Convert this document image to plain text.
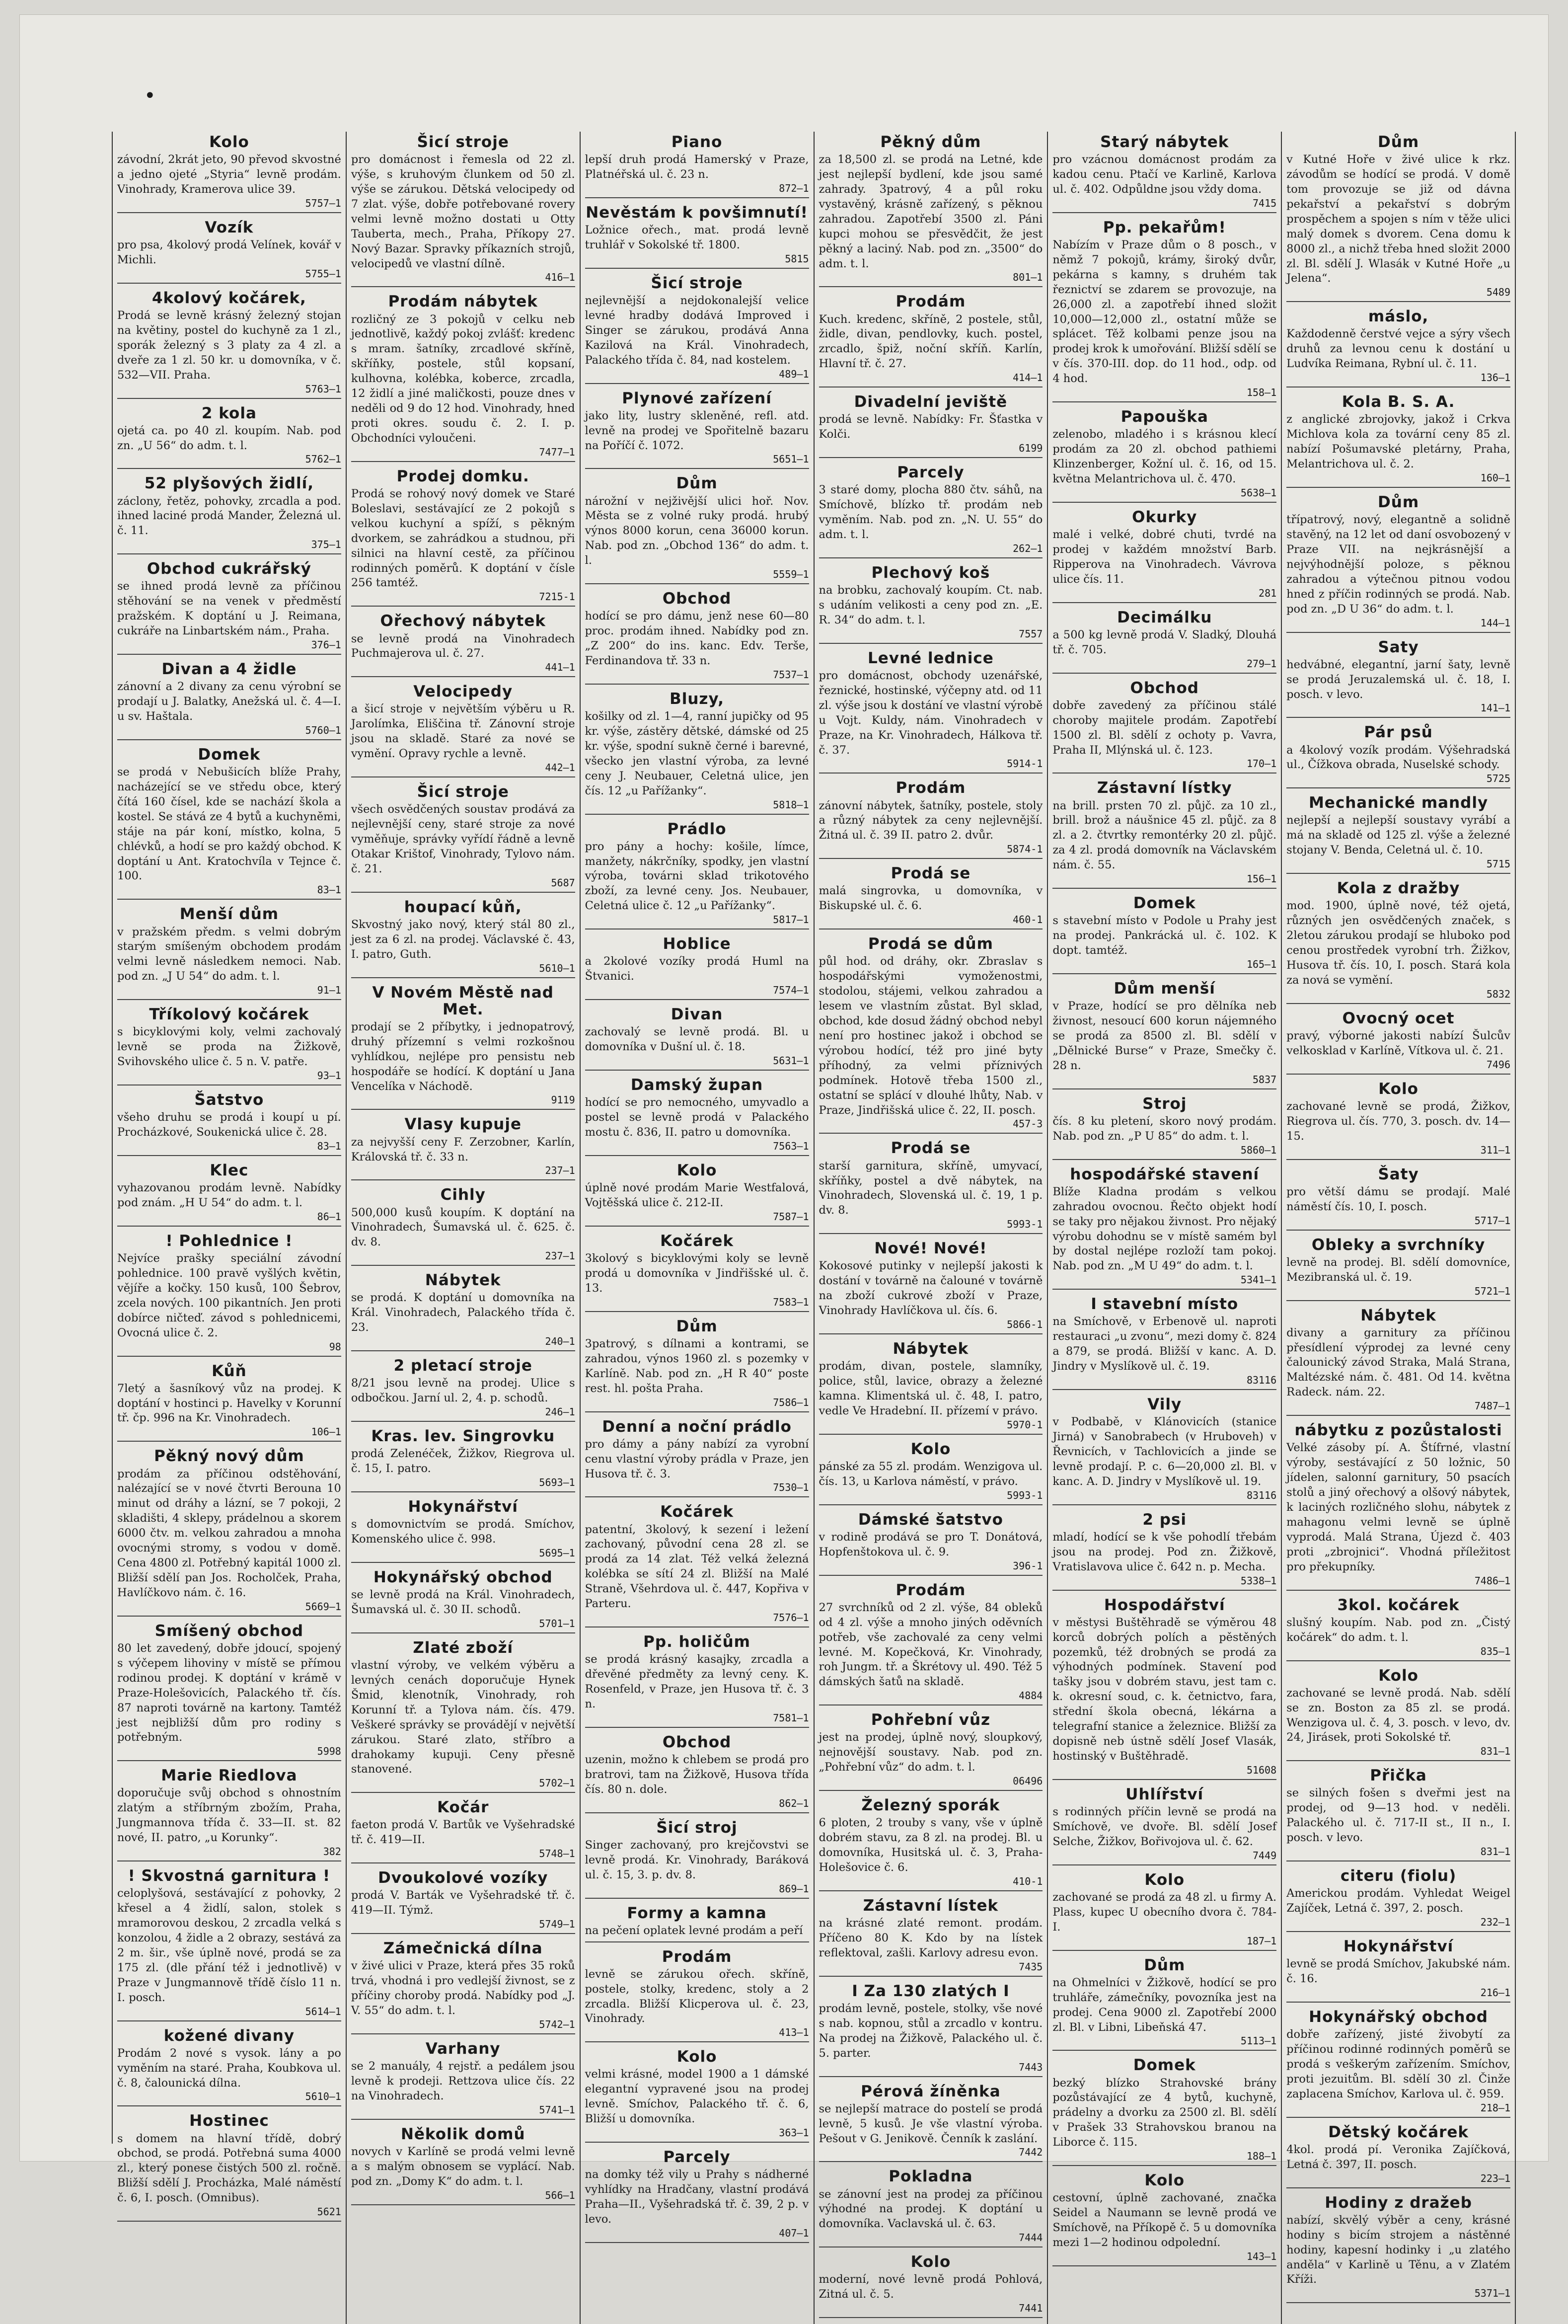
•
Kolo

závodní, 2krát jeto, 90 převod skvostné a jedno ojeté „Styria“ levně prodám. Vinohrady, Kramerova ulice 39.

5757—1
Vozík

pro psa, 4kolový prodá Velínek, kovář v Michli.

5755—1
4kolový kočárek,

Prodá se levně krásný železný stojan na květiny, postel do kuchyně za 1 zl., sporák železný s 3 platy za 4 zl. a dveře za 1 zl. 50 kr. u domovníka, v č. 532—VII. Praha.

5763—1
2 kola

ojetá ca. po 40 zl. koupím. Nab. pod zn. „U 56“ do adm. t. l.

5762—1
52 plyšových židlí,

záclony, řetěz, pohovky, zrcadla a pod. ihned laciné prodá Mander, Železná ul. č. 11.

375—1
Obchod cukrářský

se ihned prodá levně za příčinou stěhování se na venek v předměstí pražském. K doptání u J. Reimana, cukráře na Linbartském nám., Praha.

376—1
Divan a 4 židle

zánovní a 2 divany za cenu výrobní se prodají u J. Balatky, Anežská ul. č. 4—I. u sv. Haštala.

5760—1
Domek

se prodá v Nebušicích blíže Prahy, nacházející se ve středu obce, který čítá 160 čísel, kde se nachází škola a kostel. Se stává ze 4 bytů a kuchyněmi, stáje na pár koní, místko, kolna, 5 chlévků, a hodí se pro každý obchod. K doptání u Ant. Kratochvíla v Tejnce č. 100.

83—1
Menší dům

v pražském předm. s velmi dobrým starým smíšeným obchodem prodám velmi levně následkem nemoci. Nab. pod zn. „J U 54“ do adm. t. l.

91—1
Tříkolový kočárek

s bicyklovými koly, velmi zachovalý levně se proda na Žižkově, Svihovského ulice č. 5 n. V. patře.

93—1
Šatstvo

všeho druhu se prodá i koupí u pí. Procházkové, Soukenická ulice č. 28.

83—1
Klec

vyhazovanou prodám levně. Nabídky pod znám. „H U 54“ do adm. t. l.

86—1
! Pohlednice !

Nejvíce prašky speciální závodní pohlednice. 100 pravě vyšlých květin, vějíře a kočky. 150 kusů, 100 Šebrov, zcela nových. 100 pikantních. Jen proti dobírce ničteď. závod s pohlednicemi, Ovocná ulice č. 2.

98
Kůň

7letý a šasníkový vůz na prodej. K doptání v hostinci p. Havelky v Korunní tř. čp. 996 na Kr. Vinohradech.

106—1
Pěkný nový dům

prodám za příčinou odstěhování, nalézající se v nové čtvrti Berouna 10 minut od dráhy a lázní, se 7 pokoji, 2 skladišti, 4 sklepy, prádelnou a skorem 6000 čtv. m. velkou zahradou a mnoha ovocnými stromy, s vodou v domě. Cena 4800 zl. Potřebný kapitál 1000 zl. Bližší sdělí pan Jos. Rocholček, Praha, Havlíčkovo nám. č. 16.

5669—1
Smíšený obchod

80 let zavedený, dobře jdoucí, spojený s výčepem lihoviny v místě se přímou rodinou prodej. K doptání v krámě v Praze-Holešovicích, Palackého tř. čís. 87 naproti továrně na kartony. Tamtéž jest nejbližší dům pro rodiny s potřebným.

5998
Marie Riedlova

doporučuje svůj obchod s ohnostním zlatým a stříbrným zbožím, Praha, Jungmannova třída č. 33—II. st. 82 nové, II. patro, „u Korunky“.

382
! Skvostná garnitura !

celoplyšová, sestávající z pohovky, 2 křesel a 4 židlí, salon, stolek s mramorovou deskou, 2 zrcadla velká s konzolou, 4 židle a 2 obrazy, sestává za 2 m. šir., vše úplně nové, prodá se za 175 zl. (dle přání též i jednotlivě) v Praze v Jungmannově třídě číslo 11 n. I. posch.

5614—1
kožené divany

Prodám 2 nové s vysok. lány a po vyměním na staré. Praha, Koubkova ul. č. 8, čalounická dílna.

5610—1
Hostinec

s domem na hlavní třídě, dobrý obchod, se prodá. Potřebná suma 4000 zl., který ponese čistých 500 zl. ročně. Bližší sdělí J. Procházka, Malé náměstí č. 6, I. posch. (Omnibus).

5621
Šicí stroje

pro domácnost i řemesla od 22 zl. výše, s kruhovým člunkem od 50 zl. výše se zárukou. Dětská velocipedy od 7 zlat. výše, dobře potřebované rovery velmi levně možno dostati u Otty Tauberta, mech., Praha, Příkopy 27. Nový Bazar. Spravky příkazních strojů, velocipedů ve vlastní dílně.

416—1
Prodám nábytek

rozličný ze 3 pokojů v celku neb jednotlivě, každý pokoj zvlášť: kredenc s mram. šatníky, zrcadlové skříně, skříňky, postele, stůl kopsaní, kulhovna, kolébka, koberce, zrcadla, 12 židlí a jiné maličkosti, pouze dnes v neděli od 9 do 12 hod. Vinohrady, hned proti okres. soudu č. 2. I. p. Obchodníci vyloučeni.

7477—1
Prodej domku.

Prodá se rohový nový domek ve Staré Boleslavi, sestávající ze 2 pokojů s velkou kuchyní a spíží, s pěkným dvorkem, se zahrádkou a studnou, při silnici na hlavní cestě, za příčinou rodinných poměrů. K doptání v čísle 256 tamtéž.

7215-1
Ořechový nábytek

se levně prodá na Vinohradech Puchmajerova ul. č. 27.

441—1
Velocipedy

a šicí stroje v největším výběru u R. Jarolímka, Eliščina tř. Zánovní stroje jsou na skladě. Staré za nové se vymění. Opravy rychle a levně.

442—1
Šicí stroje

všech osvědčených soustav prodává za nejlevnější ceny, staré stroje za nové vyměňuje, správky vyřídí řádně a levně Otakar Krištof, Vinohrady, Tylovo nám. č. 21.

5687
houpací kůň,

Skvostný jako nový, který stál 80 zl., jest za 6 zl. na prodej. Václavské č. 43, I. patro, Guth.

5610—1
V Novém Městě nad Met.

prodají se 2 příbytky, i jednopatrový, druhý přízemní s velmi rozkošnou vyhlídkou, nejlépe pro pensistu neb hospodáře se hodící. K doptání u Jana Vencelíka v Náchodě.

9119
Vlasy kupuje

za nejvyšší ceny F. Zerzobner, Karlín, Královská tř. č. 33 n.

237—1
Cihly

500,000 kusů koupím. K doptání na Vinohradech, Šumavská ul. č. 625. č. dv. 8.

237—1
Nábytek

se prodá. K doptání u domovníka na Král. Vinohradech, Palackého třída č. 23.

240—1
2 pletací stroje

8/21 jsou levně na prodej. Ulice s odbočkou. Jarní ul. 2, 4. p. schodů.

246—1
Kras. lev. Singrovku

prodá Zelenéček, Žižkov, Riegrova ul. č. 15, I. patro.

5693—1
Hokynářství

s domovnictvím se prodá. Smíchov, Komenského ulice č. 998.

5695—1
Hokynářský obchod

se levně prodá na Král. Vinohradech, Šumavská ul. č. 30 II. schodů.

5701—1
Zlaté zboží

vlastní výroby, ve velkém výběru a levných cenách doporučuje Hynek Šmid, klenotník, Vinohrady, roh Korunní tř. a Tylova nám. čís. 479. Veškeré správky se provádějí v největší zárukou. Staré zlato, stříbro a drahokamy kupuji. Ceny přesně stanovené.

5702—1
Kočár

faeton prodá V. Bartůk ve Vyšehradské tř. č. 419—II.

5748—1
Dvoukolové vozíky

prodá V. Barták ve Vyšehradské tř. č. 419—II. Týmž.

5749—1
Zámečnická dílna

v živé ulici v Praze, která přes 35 roků trvá, vhodná i pro vedlejší živnost, se z příčiny choroby prodá. Nabídky pod „J. V. 55“ do adm. t. l.

5742—1
Varhany

se 2 manuály, 4 rejstř. a pedálem jsou levně k prodeji. Rettzova ulice čís. 22 na Vinohradech.

5741—1
Několik domů

novych v Karlíně se prodá velmi levně a s malým obnosem se vyplácí. Nab. pod zn. „Domy K“ do adm. t. l.

566—1
Piano

lepší druh prodá Hamerský v Praze, Platnéřská ul. č. 23 n.

872—1
Nevěstám k povšimnutí!

Ložnice ořech., mat. prodá levně truhlář v Sokolské tř. 1800.

5815
Šicí stroje

nejlevnější a nejdokonalejší velice levné hradby dodává Improved i Singer se zárukou, prodává Anna Kazilová na Král. Vinohradech, Palackého třída č. 84, nad kostelem.

489—1
Plynové zařízení

jako lity, lustry skleněné, refl. atd. levně na prodej ve Spořitelně bazaru na Poříčí č. 1072.

5651—1
Dům

nárožní v nejživější ulici hoř. Nov. Města se z volné ruky prodá. hrubý výnos 8000 korun, cena 36000 korun. Nab. pod zn. „Obchod 136“ do adm. t. l.

5559—1
Obchod

hodící se pro dámu, jenž nese 60—80 proc. prodám ihned. Nabídky pod zn. „Z 200“ do ins. kanc. Edv. Terše, Ferdinandova tř. 33 n.

7537—1
Bluzy,

košilky od zl. 1—4, ranní jupičky od 95 kr. výše, zástěry dětské, dámské od 25 kr. výše, spodní sukně černé i barevné, všecko jen vlastní výroba, za levné ceny J. Neubauer, Celetná ulice, jen čís. 12 „u Pařížanky“.

5818—1
Prádlo

pro pány a hochy: košile, límce, manžety, nákrčníky, spodky, jen vlastní výroba, továrni sklad trikotového zboží, za levné ceny. Jos. Neubauer, Celetná ulice č. 12 „u Pařížanky“.

5817—1
Hoblice

a 2kolové vozíky prodá Huml na Štvanici.

7574—1
Divan

zachovalý se levně prodá. Bl. u domovníka v Dušní ul. č. 18.

5631—1
Damský župan

hodící se pro nemocného, umyvadlo a postel se levně prodá v Palackého mostu č. 836, II. patro u domovníka.

7563—1
Kolo

úplně nové prodám Marie Westfalová, Vojtěšská ulice č. 212-II.

7587—1
Kočárek

3kolový s bicyklovými koly se levně prodá u domovníka v Jindřišské ul. č. 13.

7583—1
Dům

3patrový, s dílnami a kontrami, se zahradou, výnos 1960 zl. s pozemky v Karlíně. Nab. pod zn. „H R 40“ poste rest. hl. pošta Praha.

7586—1
Denní a noční prádlo

pro dámy a pány nabízí za vyrobní cenu vlastní výroby prádla v Praze, jen Husova tř. č. 3.

7530—1
Kočárek

patentní, 3kolový, k sezení i ležení zachovaný, původní cena 28 zl. se prodá za 14 zlat. Též velká železná kolébka se sítí 24 zl. Bližší na Malé Straně, Všehrdova ul. č. 447, Kopřiva v Parteru.

7576—1
Pp. holičům

se prodá krásný kasajky, zrcadla a dřevěné předměty za levný ceny. K. Rosenfeld, v Praze, jen Husova tř. č. 3 n.

7581—1
Obchod

uzenin, možno k chlebem se prodá pro bratrovi, tam na Žižkově, Husova třída čís. 80 n. dole.

862—1
Šicí stroj

Singer zachovaný, pro krejčovstvi se levně prodá. Kr. Vinohrady, Baráková ul. č. 15, 3. p. dv. 8.

869—1
Formy a kamna

na pečení oplatek levné prodám a peří

Prodám

levně se zárukou ořech. skříně, postele, stolky, kredenc, stoly a 2 zrcadla. Bližší Klicperova ul. č. 23, Vinohrady.

413—1
Kolo

velmi krásné, model 1900 a 1 dámské elegantní vypravené jsou na prodej levně. Smíchov, Palackého tř. č. 6, Bližší u domovníka.

363—1
Parcely

na domky též vily u Prahy s nádherné vyhlídky na Hradčany, vlastní prodává Praha—II., Vyšehradská tř. č. 39, 2 p. v levo.

407—1
Pěkný dům

za 18,500 zl. se prodá na Letné, kde jest nejlepší bydlení, kde jsou samé zahrady. 3patrový, 4 a půl roku vystavěný, krásně zařízený, s pěknou zahradou. Zapotřebí 3500 zl. Páni kupci mohou se přesvědčit, že jest pěkný a laciný. Nab. pod zn. „3500“ do adm. t. l.

801—1
Prodám

Kuch. kredenc, skříně, 2 postele, stůl, židle, divan, pendlovky, kuch. postel, zrcadlo, špiž, noční skříň. Karlín, Hlavní tř. č. 27.

414—1
Divadelní jeviště

prodá se levně. Nabídky: Fr. Šťastka v Kolči.

6199
Parcely

3 staré domy, plocha 880 čtv. sáhů, na Smíchově, blízko tř. prodám neb vyměním. Nab. pod zn. „N. U. 55“ do adm. t. l.

262—1
Plechový koš

na brobku, zachovalý koupím. Ct. nab. s udáním velikosti a ceny pod zn. „E. R. 34“ do adm. t. l.

7557
Levné lednice

pro domácnost, obchody uzenářské, řeznické, hostinské, výčepny atd. od 11 zl. výše jsou k dostání ve vlastní výrobě u Vojt. Kuldy, nám. Vinohradech v Praze, na Kr. Vinohradech, Hálkova tř. č. 37.

5914-1
Prodám

zánovní nábytek, šatníky, postele, stoly a různý nábytek za ceny nejlevnější. Žitná ul. č. 39 II. patro 2. dvůr.

5874-1
Prodá se

malá singrovka, u domovníka, v Biskupské ul. č. 6.

460-1
Prodá se dům

půl hod. od dráhy, okr. Zbraslav s hospodářskými vymoženostmi, stodolou, stájemi, velkou zahradou a lesem ve vlastním zůstat. Byl sklad, obchod, kde dosud žádný obchod nebyl není pro hostinec jakož i obchod se výrobou hodící, též pro jiné byty příhodný, za velmi příznivých podmínek. Hotově třeba 1500 zl., ostatní se splácí v dlouhé lhůty, Nab. v Praze, Jindřišská ulice č. 22, II. posch.

457-3
Prodá se

starší garnitura, skříně, umyvací, skříňky, postel a dvě nábytek, na Vinohradech, Slovenská ul. č. 19, 1 p. dv. 8.

5993-1
Nové! Nové!

Kokosové putinky v nejlepší jakosti k dostání v továrně na čalouné v továrně na zboží cukrové zboží v Praze, Vinohrady Havlíčkova ul. čís. 6.

5866-1
Nábytek

prodám, divan, postele, slamníky, police, stůl, lavice, obrazy a železné kamna. Klimentská ul. č. 48, I. patro, vedle Ve Hradební. II. přízemí v právo.

5970-1
Kolo

pánské za 55 zl. prodám. Wenzigova ul. čís. 13, u Karlova náměstí, v právo.

5993-1
Dámské šatstvo

v rodině prodává se pro T. Donátová, Hopfenštokova ul. č. 9.

396-1
Prodám

27 svrchníků od 2 zl. výše, 84 obleků od 4 zl. výše a mnoho jiných oděvních potřeb, vše zachovalé za ceny velmi levné. M. Kopečková, Kr. Vinohrady, roh Jungm. tř. a Škrétovy ul. 490. Též 5 dámských šatů na skladě.

4884
Pohřební vůz

jest na prodej, úplně nový, sloupkový, nejnovější soustavy. Nab. pod zn. „Pohřební vůz“ do adm. t. l.

06496
Železný sporák

6 ploten, 2 trouby s vany, vše v úplně dobrém stavu, za 8 zl. na prodej. Bl. u domovníka, Husitská ul. č. 3, Praha-Holešovice č. 6.

410-1
Zástavní lístek

na krásné zlaté remont. prodám. Příčeno 80 K. Kdo by na lístek reflektoval, zašli. Karlovy adresu evon.

7435
I Za 130 zlatých I

prodám levně, postele, stolky, vše nové s nab. kopnou, stůl a zrcadlo v kontru. Na prodej na Žižkově, Palackého ul. č. 5. parter.

7443
Pérová žíněnka

se nejlepší matrace do postelí se prodá levně, 5 kusů. Je vše vlastní výroba. Pešout v G. Jenikově. Čenník k zaslání.

7442
Pokladna

se zánovní jest na prodej za příčinou výhodné na prodej. K doptání u domovníka. Vaclavská ul. č. 63.

7444
Kolo

moderní, nové levně prodá Pohlová, Zitná ul. č. 5.

7441
Starý nábytek

pro vzácnou domácnost prodám za kadou cenu. Ptačí ve Karlině, Karlova ul. č. 402. Odpůldne jsou vždy doma.

7415
Pp. pekařům!

Nabízím v Praze dům o 8 posch., v němž 7 pokojů, krámy, široký dvůr, pekárna s kamny, s druhém tak řeznictví se zdarem se provozuje, na 26,000 zl. a zapotřebí ihned složit 10,000—12,000 zl., ostatní může se splácet. Těž kolbami penze jsou na prodej krok k umořování. Bližší sdělí se v čís. 370-III. dop. do 11 hod., odp. od 4 hod.

158—1
Papouška

zelenobo, mladého i s krásnou klecí prodám za 20 zl. obchod pathiemi Klinzenberger, Kožní ul. č. 16, od 15. května Melantrichova ul. č. 470.

5638—1
Okurky

malé i velké, dobré chuti, tvrdé na prodej v každém množství Barb. Ripperova na Vinohradech. Vávrova ulice čís. 11.

281
Decimálku

a 500 kg levně prodá V. Sladký, Dlouhá tř. č. 705.

279—1
Obchod

dobře zavedený za příčinou stálé choroby majitele prodám. Zapotřebí 1500 zl. Bl. sdělí z ochoty p. Vavra, Praha II, Mlýnská ul. č. 123.

170—1
Zástavní lístky

na brill. prsten 70 zl. půjč. za 10 zl., brill. brož a náušnice 45 zl. půjč. za 8 zl. a 2. čtvrtky remontérky 20 zl. půjč. za 4 zl. prodá domovník na Václavském nám. č. 55.

156—1
Domek

s stavební místo v Podole u Prahy jest na prodej. Pankrácká ul. č. 102. K dopt. tamtéž.

165—1
Dům menší

v Praze, hodící se pro dělníka neb živnost, nesoucí 600 korun nájemného se prodá za 8500 zl. Bl. sdělí v „Dělnické Burse“ v Praze, Smečky č. 28 n.

5837
Stroj

čís. 8 ku pletení, skoro nový prodám. Nab. pod zn. „P U 85“ do adm. t. l.

5860—1
hospodářské stavení

Blíže Kladna prodám s velkou zahradou ovocnou. Řečto objekt hodí se taky pro nějakou živnost. Pro nějaký výrobu dohodnu se v místě samém byl by dostal nejlépe rozloží tam pokoj. Nab. pod zn. „M U 49“ do adm. t. l.

5341—1
I stavební místo

na Smíchově, v Erbenově ul. naproti restauraci „u zvonu“, mezi domy č. 824 a 879, se prodá. Bližší v kanc. A. D. Jindry v Myslíkově ul. č. 19.

83116
Vily

v Podbabě, v Klánovicích (stanice Jirná) v Sanobrabech (v Hruboveh) v Řevnicích, v Tachlovicích a jinde se levně prodají. P. c. 6—20,000 zl. Bl. v kanc. A. D. Jindry v Myslíkově ul. 19.

83116
2 psi

mladí, hodící se k vše pohodlí třebám jsou na prodej. Pod zn. Žižkově, Vratislavova ulice č. 642 n. p. Mecha.

5338—1
Hospodářství

v městysi Buštěhradě se výměrou 48 korců dobrých polích a pěstěných pozemků, též drobných se prodá za výhodných podmínek. Stavení pod tašky jsou v dobrém stavu, jest tam c. k. okresní soud, c. k. četnictvo, fara, střední škola obecná, lékárna a telegrafní stanice a železnice. Bližší za dopisně neb ústně sdělí Josef Vlasák, hostinský v Buštěhradě.

51608
Uhlířství

s rodinných příčin levně se prodá na Smíchově, ve dvoře. Bl. sdělí Josef Selche, Žižkov, Bořivojova ul. č. 62.

7449
Kolo

zachované se prodá za 48 zl. u firmy A. Plass, kupec U obecního dvora č. 784-I.

187—1
Dům

na Ohmelníci v Žižkově, hodící se pro truhláře, zámečníky, povozníka jest na prodej. Cena 9000 zl. Zapotřebí 2000 zl. Bl. v Libni, Libeňská 47.

5113—1
Domek

bezký blízko Strahovské brány pozůstávající ze 4 bytů, kuchyně, prádelny a dvorku za 2500 zl. Bl. sdělí v Prašek 33 Strahovskou branou na Liborce č. 115.

188—1
Kolo

cestovní, úplně zachované, značka Seidel a Naumann se levně prodá ve Smíchově, na Příkopě č. 5 u domovníka mezi 1—2 hodinou odpolední.

143—1
Dům

v Kutné Hoře v živé ulice k rkz. závodům se hodící se prodá. V domě tom provozuje se již od dávna pekařství a pekařství s dobrým prospěchem a spojen s ním v těže ulici malý domek s dvorem. Cena domu k 8000 zl., a nichž třeba hned složit 2000 zl. Bl. sdělí J. Wlasák v Kutné Hoře „u Jelena“.

5489
máslo,

Každodenně čerstvé vejce a sýry všech druhů za levnou cenu k dostání u Ludvíka Reimana, Rybní ul. č. 11.

136—1
Kola B. S. A.

z anglické zbrojovky, jakož i Crkva Michlova kola za tovární ceny 85 zl. nabízí Pošumavské pletárny, Praha, Melantrichova ul. č. 2.

160—1
Dům

třípatrový, nový, elegantně a solidně stavěný, na 12 let od daní osvobozený v Praze VII. na nejkrásnější a nejvýhodnější poloze, s pěknou zahradou a výtečnou pitnou vodou hned z příčin rodinných se prodá. Nab. pod zn. „D U 36“ do adm. t. l.

144—1
Saty

hedvábné, elegantní, jarní šaty, levně se prodá Jeruzalemská ul. č. 18, I. posch. v levo.

141—1
Pár psů

a 4kolový vozík prodám. Výšehradská ul., Čížkova obrada, Nuselské schody.

5725
Mechanické mandly

nejlepší a nejlepší soustavy vyrábí a má na skladě od 125 zl. výše a železné stojany V. Benda, Celetná ul. č. 10.

5715
Kola z dražby

mod. 1900, úplně nové, též ojetá, různých jen osvědčených značek, s 2letou zárukou prodají se hluboko pod cenou prostředek vyrobní trh. Žižkov, Husova tř. čís. 10, I. posch. Stará kola za nová se vymění.

5832
Ovocný ocet

pravý, výborné jakosti nabízí Šulcův velkosklad v Karlíně, Vítkova ul. č. 21.

7496
Kolo

zachované levně se prodá, Žižkov, Riegrova ul. čís. 770, 3. posch. dv. 14—15.

311—1
Šaty

pro větší dámu se prodají. Malé náměstí čís. 10, I. posch.

5717—1
Obleky a svrchníky

levně na prodej. Bl. sdělí domovníce, Mezibranská ul. č. 19.

5721—1
Nábytek

divany a garnitury za příčinou přesídlení výprodej za levné ceny čalounický závod Straka, Malá Strana, Maltézské nám. č. 481. Od 14. května Radeck. nám. 22.

7487—1
nábytku z pozůstalosti

Velké zásoby pí. A. Štífrné, vlastní výroby, sestávající z 50 ložnic, 50 jídelen, salonní garnitury, 50 psacích stolů a jiný ořechový a olšový nábytek, k laciných rozličného slohu, nábytek z mahagonu velmi levně se úplně vyprodá. Malá Strana, Újezd č. 403 proti „zbrojnici“. Vhodná příležitost pro překupníky.

7486—1
3kol. kočárek

slušný koupím. Nab. pod zn. „Čistý kočárek“ do adm. t. l.

835—1
Kolo

zachované se levně prodá. Nab. sdělí se zn. Boston za 85 zl. se prodá. Wenzigova ul. č. 4, 3. posch. v levo, dv. 24, Jirásek, proti Sokolské tř.

831—1
Přička

se silných fošen s dveřmi jest na prodej, od 9—13 hod. v neděli. Palackého ul. č. 717-II st., II n., I. posch. v levo.

831—1
citeru (fiolu)

Americkou prodám. Vyhledat Weigel Zajíček, Letná č. 397, 2. posch.

232—1
Hokynářství

levně se prodá Smíchov, Jakubské nám. č. 16.

216—1
Hokynářský obchod

dobře zařízený, jisté živobytí za příčinou rodinné rodinných poměrů se prodá s veškerým zařízením. Smíchov, proti jezuitům. Bl. sdělí 30 zl. Činže zaplacena Smíchov, Karlova ul. č. 959.

218—1
Dětský kočárek

4kol. prodá pí. Veronika Zajíčková, Letná č. 397, II. posch.

223—1
Hodiny z dražeb

nabízí, skvělý výběr a ceny, krásné hodiny s bicím strojem a nástěnné hodiny, kapesní hodinky i „u zlatého anděla“ v Karlině u Těnu, a v Zlatém Kříži.

5371—1
